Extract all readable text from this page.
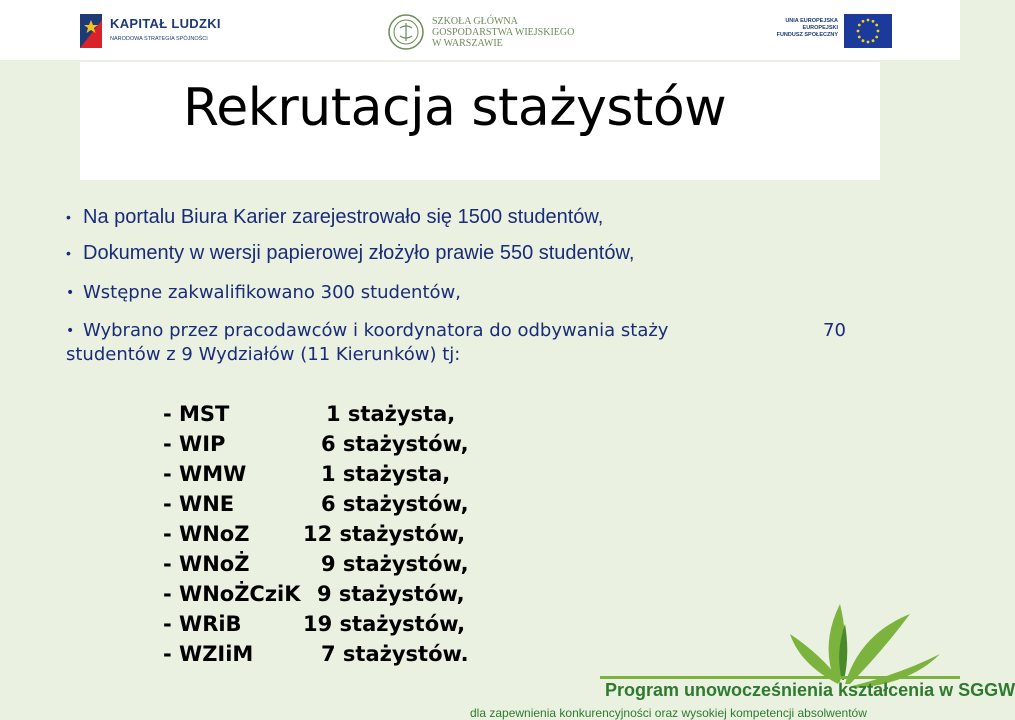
KAPITAŁ LUDZKI
NARODOWA STRATEGIA SPÓJNOŚCI
SZKOŁA GŁÓWNA
GOSPODARSTWA WIEJSKIEGO
W WARSZAWIE
UNIA EUROPEJSKA
EUROPEJSKI
FUNDUSZ SPOŁECZNY
Rekrutacja stażystów
• Na portalu Biura Karier zarejestrowało się 1500 studentów,
• Dokumenty w wersji papierowej złożyło prawie 550 studentów,
• Wstępne zakwalifikowano 300 studentów,
• Wybrano przez pracodawców i koordynatora do odbywania staży	70
studentów z 9 Wydziałów (11 Kierunków) tj:
- MST	1 stażysta,
- WIP	6 stażystów,
- WMW	1 stażysta,
- WNE	6 stażystów,
- WNoZ	12 stażystów,
- WNoŻ	9 stażystów,
- WNoŻCziK 9 stażystów,
- WRiB	19 stażystów,
- WZIiM	7 stażystów.
Program unowocześnienia kształcenia w SGGW
dla zapewnienia konkurencyjności oraz wysokiej kompetencji absolwentów
